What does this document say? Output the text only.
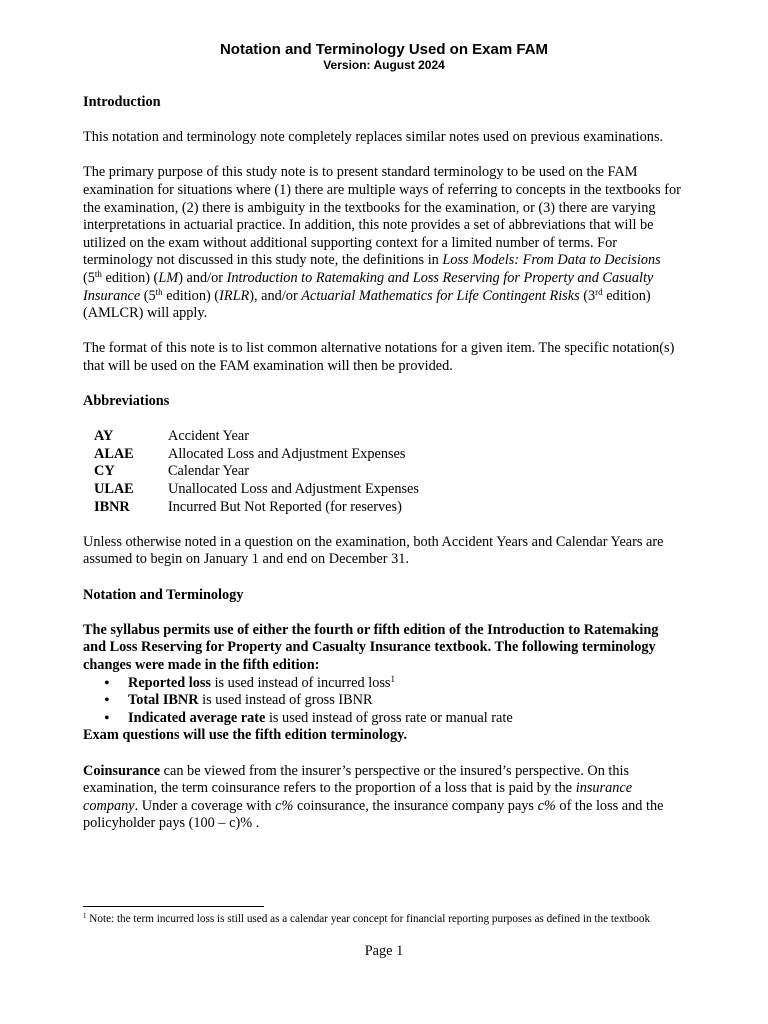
Notation and Terminology Used on Exam FAM
Version: August 2024

Introduction

This notation and terminology note completely replaces similar notes used on previous examinations.

The primary purpose of this study note is to present standard terminology to be used on the FAM examination for situations where (1) there are multiple ways of referring to concepts in the textbooks for the examination, (2) there is ambiguity in the textbooks for the examination, or (3) there are varying interpretations in actuarial practice. In addition, this note provides a set of abbreviations that will be utilized on the exam without additional supporting context for a limited number of terms. For terminology not discussed in this study note, the definitions in Loss Models: From Data to Decisions (5th edition) (LM) and/or Introduction to Ratemaking and Loss Reserving for Property and Casualty Insurance (5th edition) (IRLR), and/or Actuarial Mathematics for Life Contingent Risks (3rd edition) (AMLCR) will apply.

The format of this note is to list common alternative notations for a given item. The specific notation(s) that will be used on the FAM examination will then be provided.

Abbreviations

AY	Accident Year
ALAE	Allocated Loss and Adjustment Expenses
CY	Calendar Year
ULAE	Unallocated Loss and Adjustment Expenses
IBNR	Incurred But Not Reported (for reserves)

Unless otherwise noted in a question on the examination, both Accident Years and Calendar Years are assumed to begin on January 1 and end on December 31.

Notation and Terminology

The syllabus permits use of either the fourth or fifth edition of the Introduction to Ratemaking and Loss Reserving for Property and Casualty Insurance textbook. The following terminology changes were made in the fifth edition:

• Reported loss is used instead of incurred loss$^1$
• Total IBNR is used instead of gross IBNR
• Indicated average rate is used instead of gross rate or manual rate

Exam questions will use the fifth edition terminology.

Coinsurance can be viewed from the insurer’s perspective or the insured’s perspective. On this examination, the term coinsurance refers to the proportion of a loss that is paid by the insurance company. Under a coverage with c% coinsurance, the insurance company pays c% of the loss and the policyholder pays (100 – c)% .

$^1$ Note: the term incurred loss is still used as a calendar year concept for financial reporting purposes as defined in the textbook
Page 1
